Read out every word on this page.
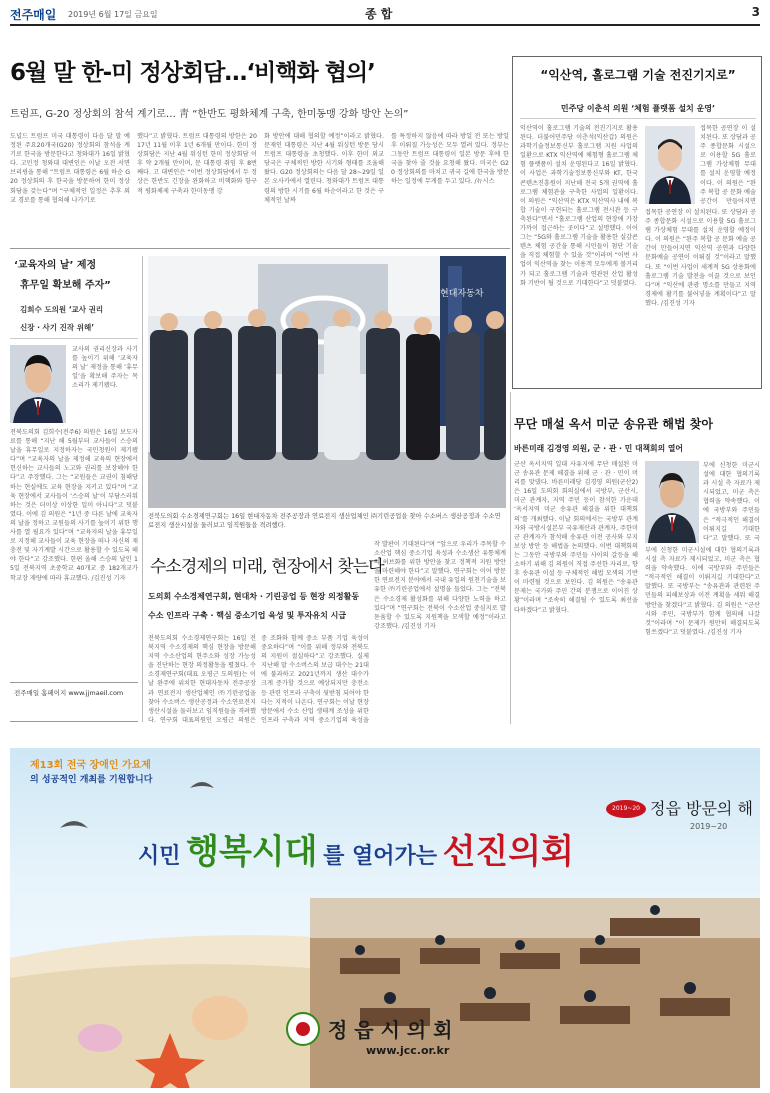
전주매일 2019년 6월 17일 금요일	종 합	3
6월 말 한-미 정상회담…‘비핵화 협의’
트럼프, G-20 정상회의 참석 계기로… 靑 “한반도 평화체계 구축, 한미동맹 강화 방안 논의”
도널드 트럼프 미국 대통령이 다음 달 말 예정된 주요20개국(G20) 정상회의 참석을 계기로 한국을 방문한다고 청와대가 16일 밝혔다. 고민정 청와대 대변인은 이날 오전 서면브리핑을 통해 “트럼프 대통령은 6월 하순 G20 정상회의 후 한국을 방문하여 한미 정상회담을 갖는다”며 “구체적인 일정은 추후 외교 경로를 통해 협의해 나가기로
했다”고 밝혔다. 트럼프 대통령의 방한은 2017년 11월 이후 1년 6개월 만이다. 한미 정상회담은 지난 4월 워싱턴 한미 정상회담 이후 약 2개월 만이며, 문 대통령 취임 후 8번째다. 고 대변인은 “이번 정상회담에서 두 정상은 한반도 긴장을 완화하고 비핵화와 항구적 평화체제 구축과 한미동맹 강
화 방안에 대해 협의할 예정”이라고 밝혔다. 문재인 대통령은 지난 4월 워싱턴 방문 당시 트럼프 대통령을 초청했다. 이후 한미 외교 당국은 구체적인 방한 시기와 형태를 조율해 왔다. G20 정상회의는 다음 달 28~29일 일본 오사카에서 열린다. 청와대가 트럼프 대통령의 방한 시기를 6월 하순이라고 한 것은 구체적인 날짜
를 특정하지 않음에 따라 방일 전 또는 방일 후 이뤄질 가능성은 모두 열려 있다. 정부는 그동안 트럼프 대통령이 일본 방문 후에 한국을 찾아 줄 것을 요청해 왔다. 미국은 G20 정상회의를 마치고 귀국 길에 한국을 방문하는 일정에 무게를 두고 있다. /뉴시스
“익산역, 홀로그램 기술 전진기지로”
민주당 이춘석 의원 ‘체험 플랫폼 설치 운영’
익산역이 홀로그램 기술의 전진기지로 활용된다. 더불어민주당 이춘석(익산갑) 의원은 과학기술정보통신부 홀로그램 지원 사업의 일환으로 KTX 익산역에 체험형 홀로그램 체험 플랫폼이 설치 운영된다고 16일 밝혔다. 이 사업은 과학기술정보통신부와 KT, 한국콘텐츠진흥원이 지난해 전국 5개 권역에 홀로그램 체험관을 구축한 사업의 일환이다. 이 의원은 “익산역은 KTX 익산역사 내에 복합 기술이 구현되는 홀로그램 전시관 등 구축된다”면서 “홀로그램 산업의 현장에 가장 가까이 접근하는 곳이다”고 설명했다. 이어 그는 “5G와 홀로그램 기술을 활용한 실감콘텐츠 체험 공간을 통해 시민들이 첨단 기술을 직접 체험할 수 있을 것”이라며 “이번 사업이 익산역을 찾는 이용객 모두에게 볼거리가 되고 홀로그램 기술과 연관된 산업 활성화 기반이 될 것으로 기대한다”고 덧붙였다.
접목한 공연장 이 설치된다. 또 상담과 공주 종합문화 시설으로 이용할 5G 홀로그램 가상체험 무대를 설치 운영할 예정이다. 이 의원은 “완주 복합 공 문화 예술 공간이 만들어지면
접목한 공연장 이 설치된다. 또 상담과 공주 종합문화 시설으로 이용할 5G 홀로그램 가상체험 무대를 설치 운영할 예정이다. 이 의원은 “완주 복합 공 문화 예술 공간이 만들어지면 익산역 공연과 다양한 문화예술 공연이 이뤄질 것”이라고 말했다. 또 “이번 사업이 세계적 5G 상용화에 홀로그램 기술 발전을 이끌 것으로 보인다”며 “익산에 관광 명소를 만들고 지역 경제에 활기를 불어넣을 계획이다”고 말했다. /김진성 기자
‘교육자의 날’ 제정
휴무일 확보해 주자”
김희수 도의원 ‘교사 권리
신장 · 사기 진작 위해’
교사의 권리신장과 사기를 높이기 위해 ‘교육자의 날’ 제정을 통해 ‘휴무일’을 확보해 주자는 목소리가 제기됐다.
전북도의회 김희수(전주6) 의원은 16일 보도자료를 통해 “지난 해 5월부터 교사들이 스승의 날을 휴무일로 지정하자는 국민청원이 제기됐다”며 “교육자의 날을 제정해 교육의 현장에서 헌신하는 교사들의 노고와 권리를 보장해야 한다”고 주장했다. 그는 “교원들은 교권이 침해당하는 현실에도 교육 현장을 지키고 있다”며 “교육 현장에서 교사들이 ‘스승의 날’이 부담스러워 하는 것은 더이상 이상한 일이 아니다”고 덧붙였다. 이에 김 의원은 “1년 중 다른 날에 교육자의 날을 정하고 교원들의 사기를 높이기 위한 행사를 열 필요가 있다”며 “교육자의 날을 휴무일로 지정해 교사들이 교육 현장을 떠나 자신의 재충전 및 자기계발 시간으로 활용할 수 있도록 해야 한다”고 강조했다. 한편 올해 스승의 날인 15일 전북지역 초중학교 40개교 중 182개교가 학교장 재량에 따라 휴교했다. /김진성 기자
전주매일 홈페이지 www.jjmaeil.com
현대자동차
전북도의회 수소경제연구회는 16일 현대자동차 전주공장과 연료전지 생산업체인 ㈜기린공업을 찾아 수소버스 생산공정과 수소연료전지 생산시설을 둘러보고 임직원들을 격려했다.
수소경제의 미래, 현장에서 찾는다
도의회 수소경제연구회, 현대차 · 기린공업 등 현장 의정활동
수소 인프라 구축 · 핵심 중소기업 육성 및 투자유치 시급
전북도의회 수소경제연구회는 16일 전북지역 수소경제의 핵심 현장을 방문해 지역 수소산업의 현주소와 성장 가능성을 진단하는 현장 의정활동을 펼쳤다. 수소경제연구회(대표 오평근 도의원)는 이날 완주에 위치한 현대자동차 전주공장과 연료전지 생산업체인 ㈜기린공업을 찾아 수소버스 생산공정과 수소연료전지 생산시설을 둘러보고 임직원들을 격려했다. 연구회 대표의원인 오평근 의원은
중 조화와 함께 중소 부품 기업 육성이 중요하다”며 “이를 위해 정부와 전북도의 지원이 절실하다”고 강조했다. 실제 지난해 말 수소버스의 보급 대수는 21대에 불과하고 2021년까지 생산 대수가 크게 증가할 것으로 예상되지만 충전소 등 관련 인프라 구축이 뒷받침 되어야 한다는 지적이 나온다. 연구회는 이날 현장 방문에서 수소 산업 생태계 조성을 위한 인프라 구축과 지역 중소기업의 육성을
작 발판이 기대된다”며 “앞으로 우리가 주목할 수소산업 핵심 중소기업 육성과 수소생산 유통체계의 허브화를 위한 방안을 찾고 정책적 지원 방안을 마련해야 한다”고 말했다. 연구회는 이어 방문한 연료전지 분야에서 국내 유일의 원천기술을 보유한 ㈜기린공업에서 설명을 들었다. 그는 “전북은 수소경제 활성화를 위해 다양한 노력을 하고 있다”며 “연구회는 전북이 수소산업 중심지로 발돋움할 수 있도록 지원책을 모색할 예정”이라고 강조했다. /김진성 기자
무단 매설 옥서 미군 송유관 해법 찾아
바른미래 김경영 의원, 군 · 관 · 민 대책회의 열어
군산 옥서지역 일대 사유지에 무단 매설된 미군 송유관 문제 해결을 위해 군 · 관 · 민이 머리를 맞댔다. 바른미래당 김경영 의원(군산2)은 16일 도의회 회의실에서 국방부, 군산시, 미군 관계자, 지역 주민 등이 참석한 가운데 ‘옥서지역 미군 송유관 해결을 위한 대책회의’를 개최했다. 이날 회의에서는 국방부 관계자와 국방시설본부 국유재산과 관계자, 주한미군 관계자가 참석해 송유관 이전 공사와 부지 보상 방안 등 해법을 논의했다. 이번 대책회의는 그동안 국방부와 주민들 사이의 갈등을 해소하기 위해 김 의원이 직접 주선한 자리로, 향후 송유관 이설 등 구체적인 해법 모색의 기반이 마련될 것으로 보인다. 김 의원은 “송유관 문제는 국가와 주민 간의 분쟁으로 이어진 상황”이라며 “조속히 해결될 수 있도록 최선을 다하겠다”고 밝혔다.
부에 신청한 미군시설에 대한 협의기록과 시설 측 자료가 제시되었고, 미군 측은 협력을 약속했다. 이에 국방부와 주민들은 “적극적인 해결이 이뤄지길 기대한다”고 말했다. 또 국
부에 신청한 미군시설에 대한 협의기록과 시설 측 자료가 제시되었고, 미군 측은 협력을 약속했다. 이에 국방부와 주민들은 “적극적인 해결이 이뤄지길 기대한다”고 말했다. 또 국방부는 “송유관과 관련된 주민들의 피해보상과 이전 계획을 세워 해결방안을 찾겠다”고 밝혔다. 김 의원은 “군산시와 주민, 국방부가 함께 협의해 나갈 것”이라며 “이 문제가 원만히 해결되도록 힘쓰겠다”고 덧붙였다. /김진성 기자
제13회 전국 장애인 가요제
의 성공적인 개최를 기원합니다
정읍 방문의 해
2019~20
2019~20
시민 행복시대 를 열어가는 선진의회
정 읍 시 의 회
www.jcc.or.kr
